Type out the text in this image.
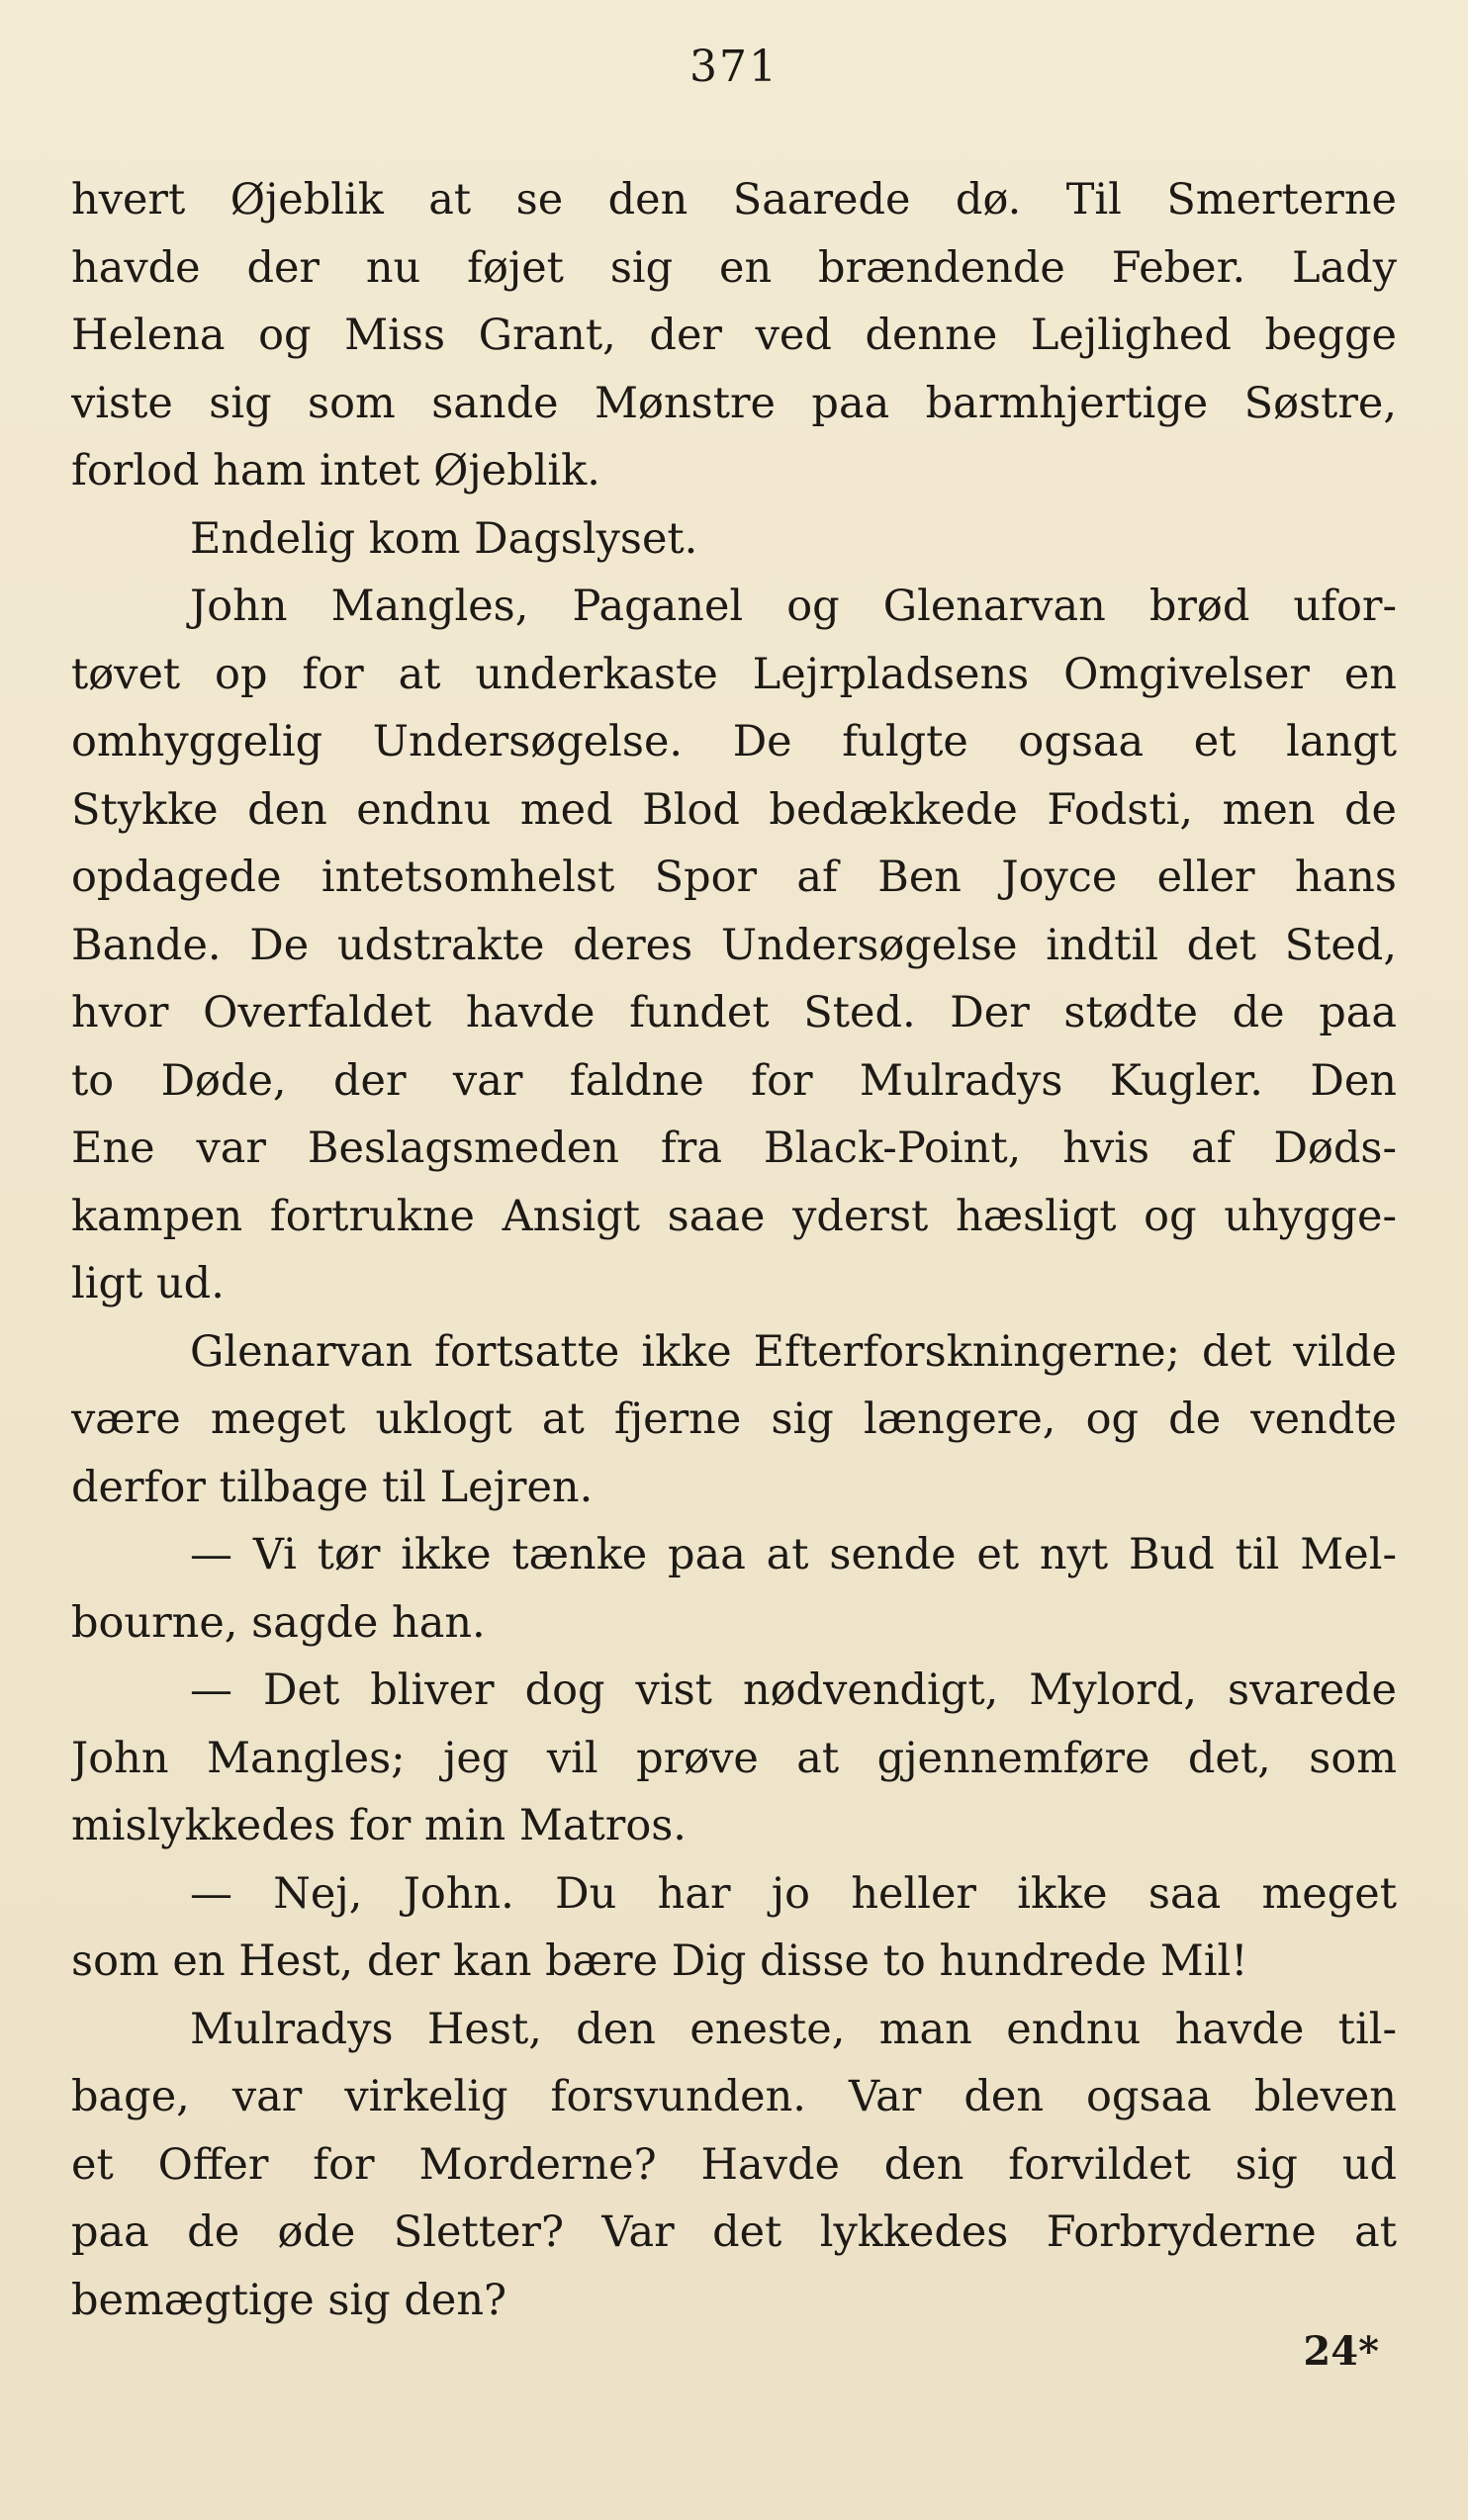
371
hvert Øjeblik at se den Saarede dø. Til Smerterne
havde der nu føjet sig en brændende Feber. Lady
Helena og Miss Grant, der ved denne Lejlighed begge
viste sig som sande Mønstre paa barmhjertige Søstre,
forlod ham intet Øjeblik.
Endelig kom Dagslyset.
John Mangles, Paganel og Glenarvan brød ufor-
tøvet op for at underkaste Lejrpladsens Omgivelser en
omhyggelig Undersøgelse. De fulgte ogsaa et langt
Stykke den endnu med Blod bedækkede Fodsti, men de
opdagede intetsomhelst Spor af Ben Joyce eller hans
Bande. De udstrakte deres Undersøgelse indtil det Sted,
hvor Overfaldet havde fundet Sted. Der stødte de paa
to Døde, der var faldne for Mulradys Kugler. Den
Ene var Beslagsmeden fra Black-Point, hvis af Døds-
kampen fortrukne Ansigt saae yderst hæsligt og uhygge-
ligt ud.
Glenarvan fortsatte ikke Efterforskningerne; det vilde
være meget uklogt at fjerne sig længere, og de vendte
derfor tilbage til Lejren.
— Vi tør ikke tænke paa at sende et nyt Bud til Mel-
bourne, sagde han.
— Det bliver dog vist nødvendigt, Mylord, svarede
John Mangles; jeg vil prøve at gjennemføre det, som
mislykkedes for min Matros.
— Nej, John. Du har jo heller ikke saa meget
som en Hest, der kan bære Dig disse to hundrede Mil!
Mulradys Hest, den eneste, man endnu havde til-
bage, var virkelig forsvunden. Var den ogsaa bleven
et Offer for Morderne? Havde den forvildet sig ud
paa de øde Sletter? Var det lykkedes Forbryderne at
bemægtige sig den?
24*
